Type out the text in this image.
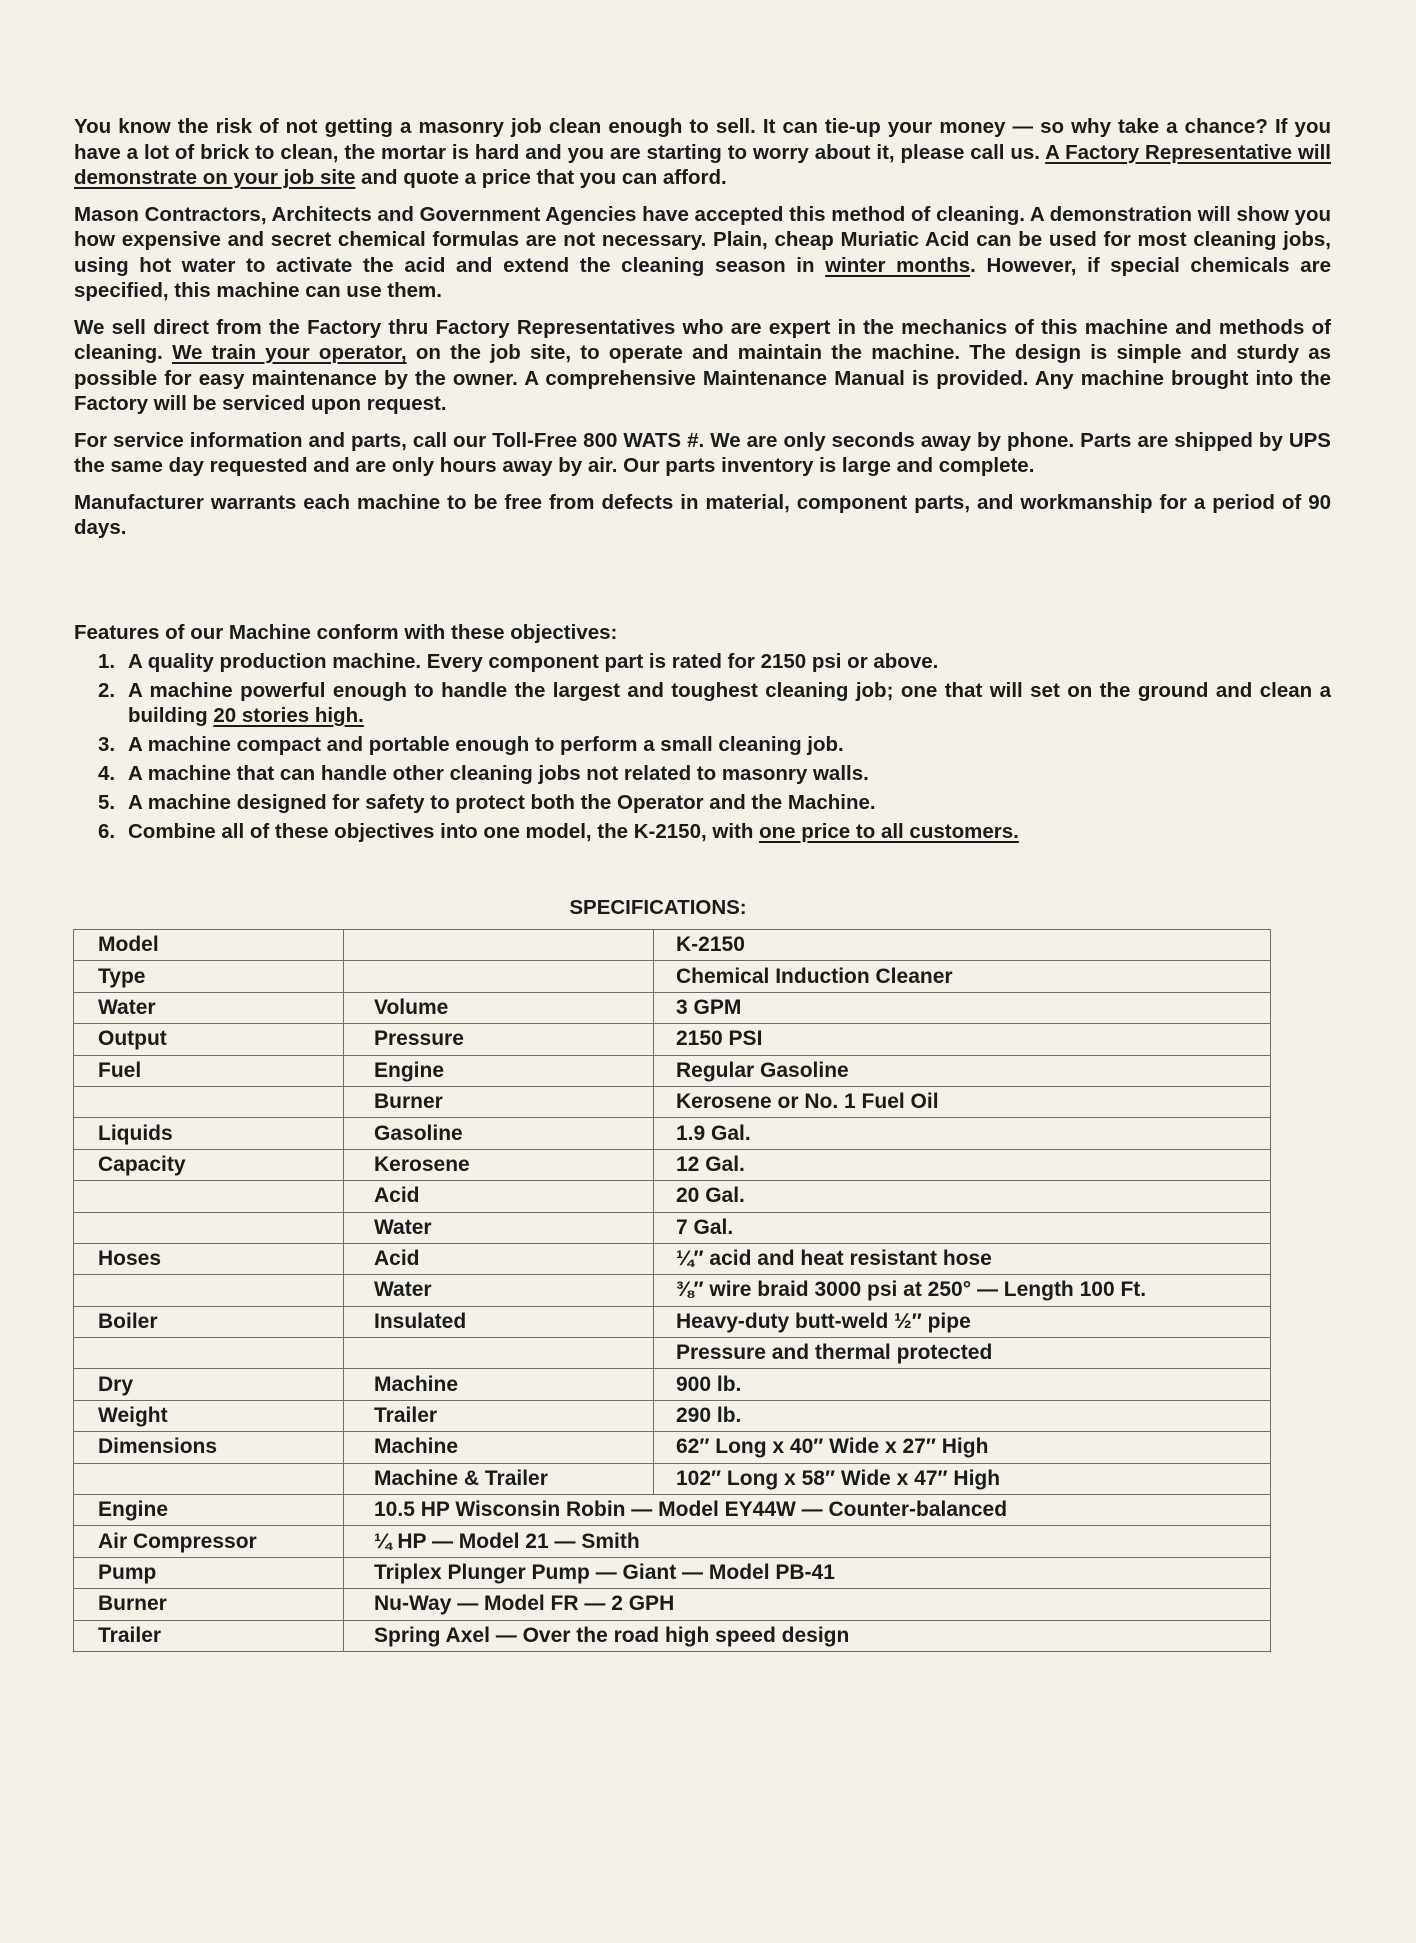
You know the risk of not getting a masonry job clean enough to sell. It can tie-up your money — so why take a chance? If you have a lot of brick to clean, the mortar is hard and you are starting to worry about it, please call us. A Factory Representative will demonstrate on your job site and quote a price that you can afford.

Mason Contractors, Architects and Government Agencies have accepted this method of cleaning. A demonstration will show you how expensive and secret chemical formulas are not necessary. Plain, cheap Muriatic Acid can be used for most cleaning jobs, using hot water to activate the acid and extend the cleaning season in winter months. However, if special chemicals are specified, this machine can use them.

We sell direct from the Factory thru Factory Representatives who are expert in the mechanics of this machine and methods of cleaning. We train your operator, on the job site, to operate and maintain the machine. The design is simple and sturdy as possible for easy maintenance by the owner. A comprehensive Maintenance Manual is provided. Any machine brought into the Factory will be serviced upon request.

For service information and parts, call our Toll-Free 800 WATS #. We are only seconds away by phone. Parts are shipped by UPS the same day requested and are only hours away by air. Our parts inventory is large and complete.

Manufacturer warrants each machine to be free from defects in material, component parts, and workmanship for a period of 90 days.

Features of our Machine conform with these objectives:

1. A quality production machine. Every component part is rated for 2150 psi or above.
2. A machine powerful enough to handle the largest and toughest cleaning job; one that will set on the ground and clean a building 20 stories high.
3. A machine compact and portable enough to perform a small cleaning job.
4. A machine that can handle other cleaning jobs not related to masonry walls.
5. A machine designed for safety to protect both the Operator and the Machine.
6. Combine all of these objectives into one model, the K-2150, with one price to all customers.
SPECIFICATIONS:
Model		K-2150
Type		Chemical Induction Cleaner
Water	Volume	3 GPM
Output	Pressure	2150 PSI
Fuel	Engine	Regular Gasoline
	Burner	Kerosene or No. 1 Fuel Oil
Liquids	Gasoline	1.9 Gal.
Capacity	Kerosene	12 Gal.
	Acid	20 Gal.
	Water	7 Gal.
Hoses	Acid	¼″ acid and heat resistant hose
	Water	⅜″ wire braid 3000 psi at 250° — Length 100 Ft.
Boiler	Insulated	Heavy-duty butt-weld ½″ pipe
		Pressure and thermal protected
Dry	Machine	900 lb.
Weight	Trailer	290 lb.
Dimensions	Machine	62″ Long x 40″ Wide x 27″ High
	Machine & Trailer	102″ Long x 58″ Wide x 47″ High
Engine	10.5 HP Wisconsin Robin — Model EY44W — Counter-balanced	
Air Compressor	¼ HP — Model 21 — Smith	
Pump	Triplex Plunger Pump — Giant — Model PB-41	
Burner	Nu-Way — Model FR — 2 GPH	
Trailer	Spring Axel — Over the road high speed design	
